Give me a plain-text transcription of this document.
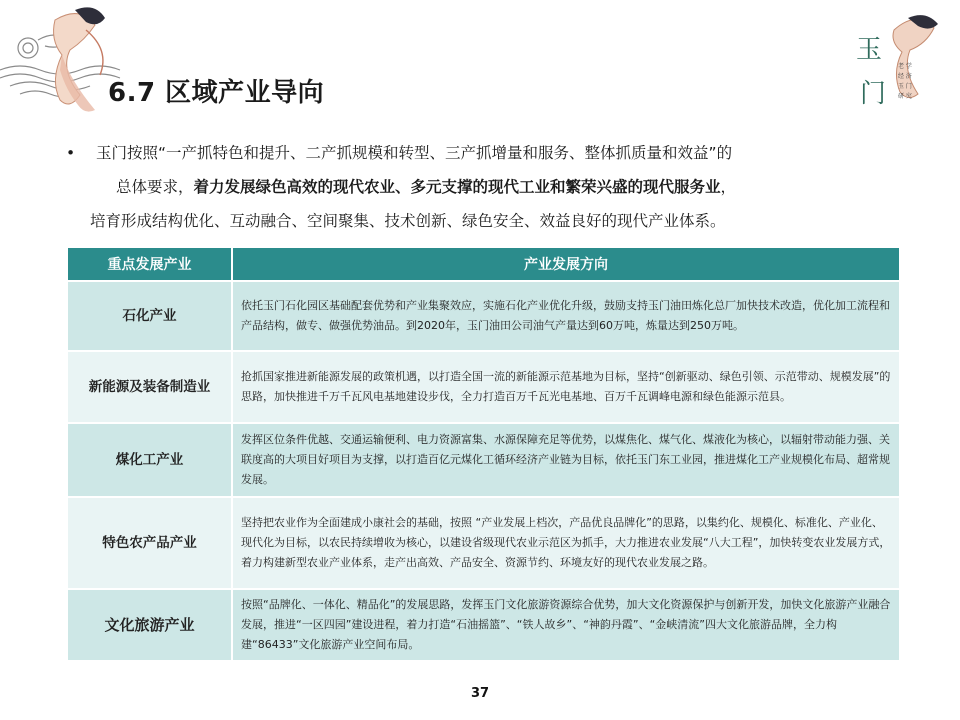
玉
门
老 学
经 济
玉 门
研 究
6.7 区域产业导向
• 玉门按照“一产抓特色和提升、二产抓规模和转型、三产抓增量和服务、整体抓质量和效益”的
总体要求，着力发展绿色高效的现代农业、多元支撑的现代工业和繁荣兴盛的现代服务业，
培育形成结构优化、互动融合、空间聚集、技术创新、绿色安全、效益良好的现代产业体系。
重点发展产业	产业发展方向
石化产业	依托玉门石化园区基础配套优势和产业集聚效应，实施石化产业优化升级，鼓励支持玉门油田炼化总厂加快技术改造，优化加工流程和产品结构，做专、做强优势油品。到2020年，玉门油田公司油气产量达到60万吨，炼量达到250万吨。
新能源及装备制造业	抢抓国家推进新能源发展的政策机遇，以打造全国一流的新能源示范基地为目标，坚持“创新驱动、绿色引领、示范带动、规模发展”的思路，加快推进千万千瓦风电基地建设步伐，全力打造百万千瓦光电基地、百万千瓦调峰电源和绿色能源示范县。
煤化工产业	发挥区位条件优越、交通运输便利、电力资源富集、水源保障充足等优势，以煤焦化、煤气化、煤液化为核心，以辐射带动能力强、关联度高的大项目好项目为支撑，以打造百亿元煤化工循环经济产业链为目标，依托玉门东工业园，推进煤化工产业规模化布局、超常规发展。
特色农产品产业	坚持把农业作为全面建成小康社会的基础，按照 “产业发展上档次，产品优良品牌化”的思路，以集约化、规模化、标准化、产业化、现代化为目标，以农民持续增收为核心，以建设省级现代农业示范区为抓手，大力推进农业发展“八大工程”，加快转变农业发展方式，着力构建新型农业产业体系，走产出高效、产品安全、资源节约、环境友好的现代农业发展之路。
文化旅游产业	按照“品牌化、一体化、精品化”的发展思路，发挥玉门文化旅游资源综合优势，加大文化资源保护与创新开发，加快文化旅游产业融合发展，推进“一区四园”建设进程，着力打造“石油摇篮”、“铁人故乡”、“神韵丹霞”、“金峡清流”四大文化旅游品牌，全力构建“86433”文化旅游产业空间布局。
37
